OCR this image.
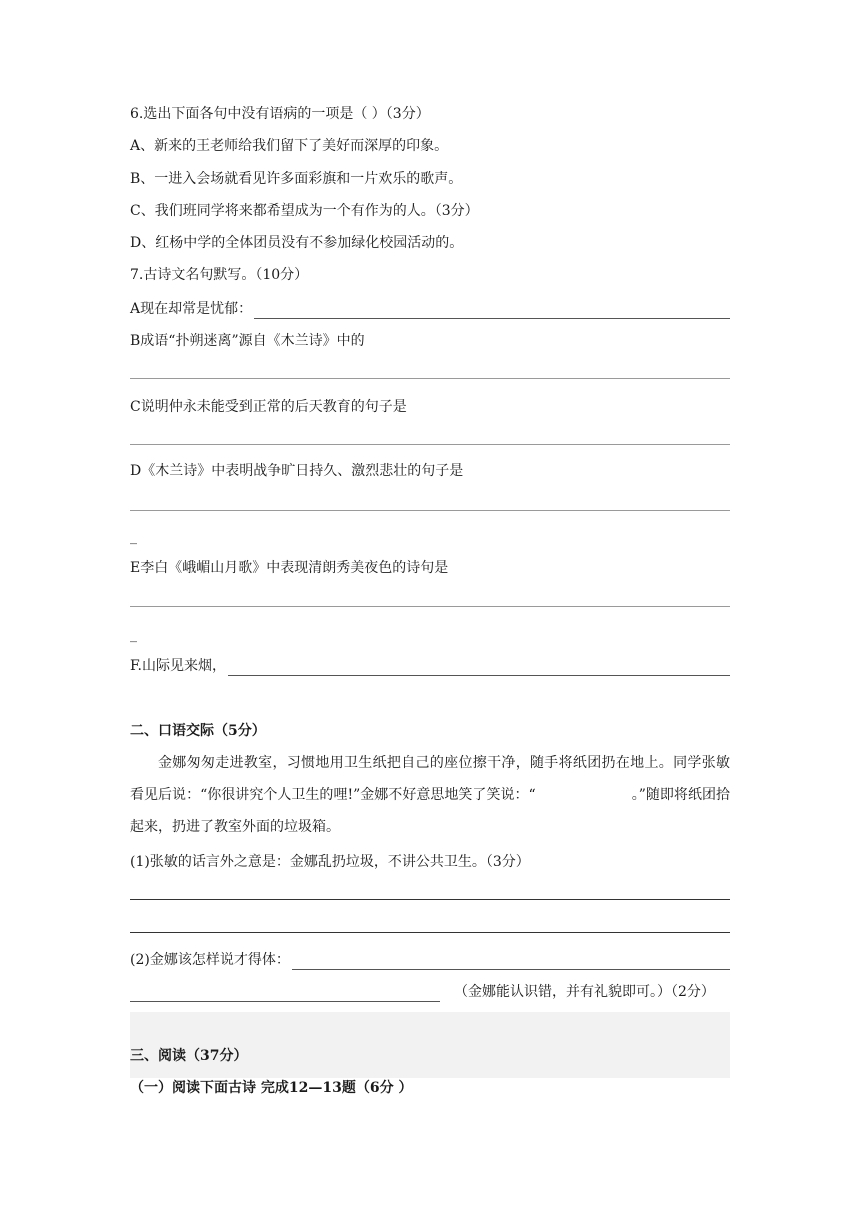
6.选出下面各句中没有语病的一项是（ ）（3分）
A、新来的王老师给我们留下了美好而深厚的印象。
B、一进入会场就看见许多面彩旗和一片欢乐的歌声。
C、我们班同学将来都希望成为一个有作为的人。（3分）
D、红杨中学的全体团员没有不参加绿化校园活动的。
7.古诗文名句默写。（10分）
A现在却常是忧郁：
B成语“扑朔迷离”源自《木兰诗》中的
C说明仲永未能受到正常的后天教育的句子是
D《木兰诗》中表明战争旷日持久、激烈悲壮的句子是
_
E李白《峨嵋山月歌》中表现清朗秀美夜色的诗句是
_
F.山际见来烟，
二、口语交际（5分）
金娜匆匆走进教室，习惯地用卫生纸把自己的座位擦干净，随手将纸团扔在地上。同学张敏看见后说：“你很讲究个人卫生的哩!”金娜不好意思地笑了笑说：“	。”随即将纸团拾起来，扔进了教室外面的垃圾箱。
(1)张敏的话言外之意是：金娜乱扔垃圾，不讲公共卫生。（3分）
(2)金娜该怎样说才得体：
（金娜能认识错，并有礼貌即可。）（2分）
三、阅读（37分）
（一）阅读下面古诗 完成12—13题（6分 ）
